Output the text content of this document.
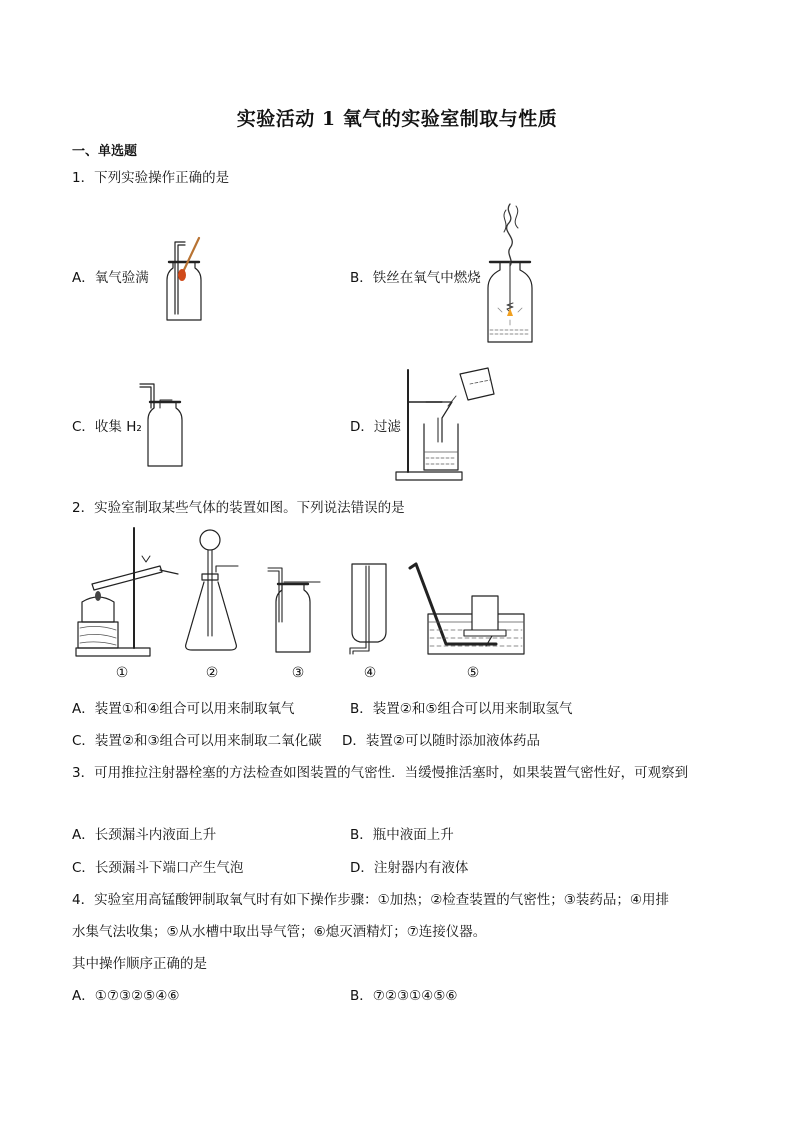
实验活动 1 氧气的实验室制取与性质
一、单选题
1．下列实验操作正确的是
A．氧气验满	B．铁丝在氧气中燃烧
C．收集 H₂	D．过滤
2．实验室制取某些气体的装置如图。下列说法错误的是
①	②	③	④	⑤
A．装置①和④组合可以用来制取氧气	B．装置②和⑤组合可以用来制取氢气
C．装置②和③组合可以用来制取二氧化碳 D．装置②可以随时添加液体药品
3．可用推拉注射器栓塞的方法检查如图装置的气密性．当缓慢推活塞时，如果装置气密性好，可观察到
A．长颈漏斗内液面上升	B．瓶中液面上升
C．长颈漏斗下端口产生气泡	D．注射器内有液体
4．实验室用高锰酸钾制取氧气时有如下操作步骤：①加热；②检查装置的气密性；③装药品；④用排
水集气法收集；⑤从水槽中取出导气管；⑥熄灭酒精灯；⑦连接仪器。
其中操作顺序正确的是
A．①⑦③②⑤④⑥	B．⑦②③①④⑤⑥
